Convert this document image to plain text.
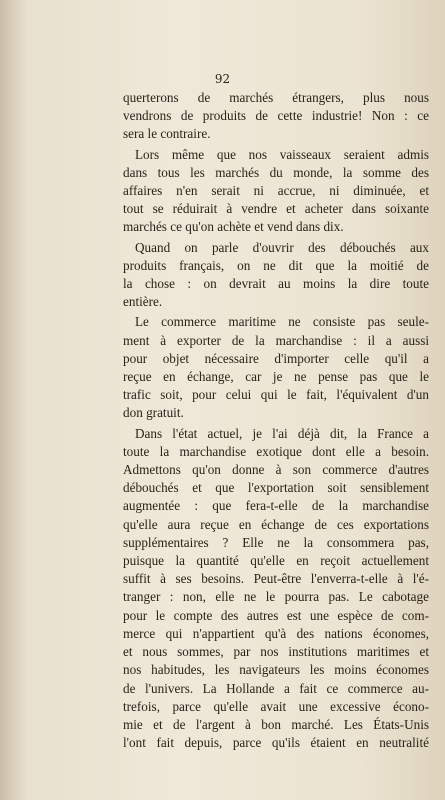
92
querterons de marchés étrangers, plus nous
vendrons de produits de cette industrie! Non : ce
sera le contraire.
Lors même que nos vaisseaux seraient admis
dans tous les marchés du monde, la somme des
affaires n'en serait ni accrue, ni diminuée, et
tout se réduirait à vendre et acheter dans soixante
marchés ce qu'on achète et vend dans dix.
Quand on parle d'ouvrir des débouchés aux
produits français, on ne dit que la moitié de
la chose : on devrait au moins la dire toute
entière.
Le commerce maritime ne consiste pas seule-
ment à exporter de la marchandise : il a aussi
pour objet nécessaire d'importer celle qu'il a
reçue en échange, car je ne pense pas que le
trafic soit, pour celui qui le fait, l'équivalent d'un
don gratuit.
Dans l'état actuel, je l'ai déjà dit, la France a
toute la marchandise exotique dont elle a besoin.
Admettons qu'on donne à son commerce d'autres
débouchés et que l'exportation soit sensiblement
augmentée : que fera-t-elle de la marchandise
qu'elle aura reçue en échange de ces exportations
supplémentaires ? Elle ne la consommera pas,
puisque la quantité qu'elle en reçoit actuellement
suffit à ses besoins. Peut-être l'enverra-t-elle à l'é-
tranger : non, elle ne le pourra pas. Le cabotage
pour le compte des autres est une espèce de com-
merce qui n'appartient qu'à des nations économes,
et nous sommes, par nos institutions maritimes et
nos habitudes, les navigateurs les moins économes
de l'univers. La Hollande a fait ce commerce au-
trefois, parce qu'elle avait une excessive écono-
mie et de l'argent à bon marché. Les États-Unis
l'ont fait depuis, parce qu'ils étaient en neutralité
